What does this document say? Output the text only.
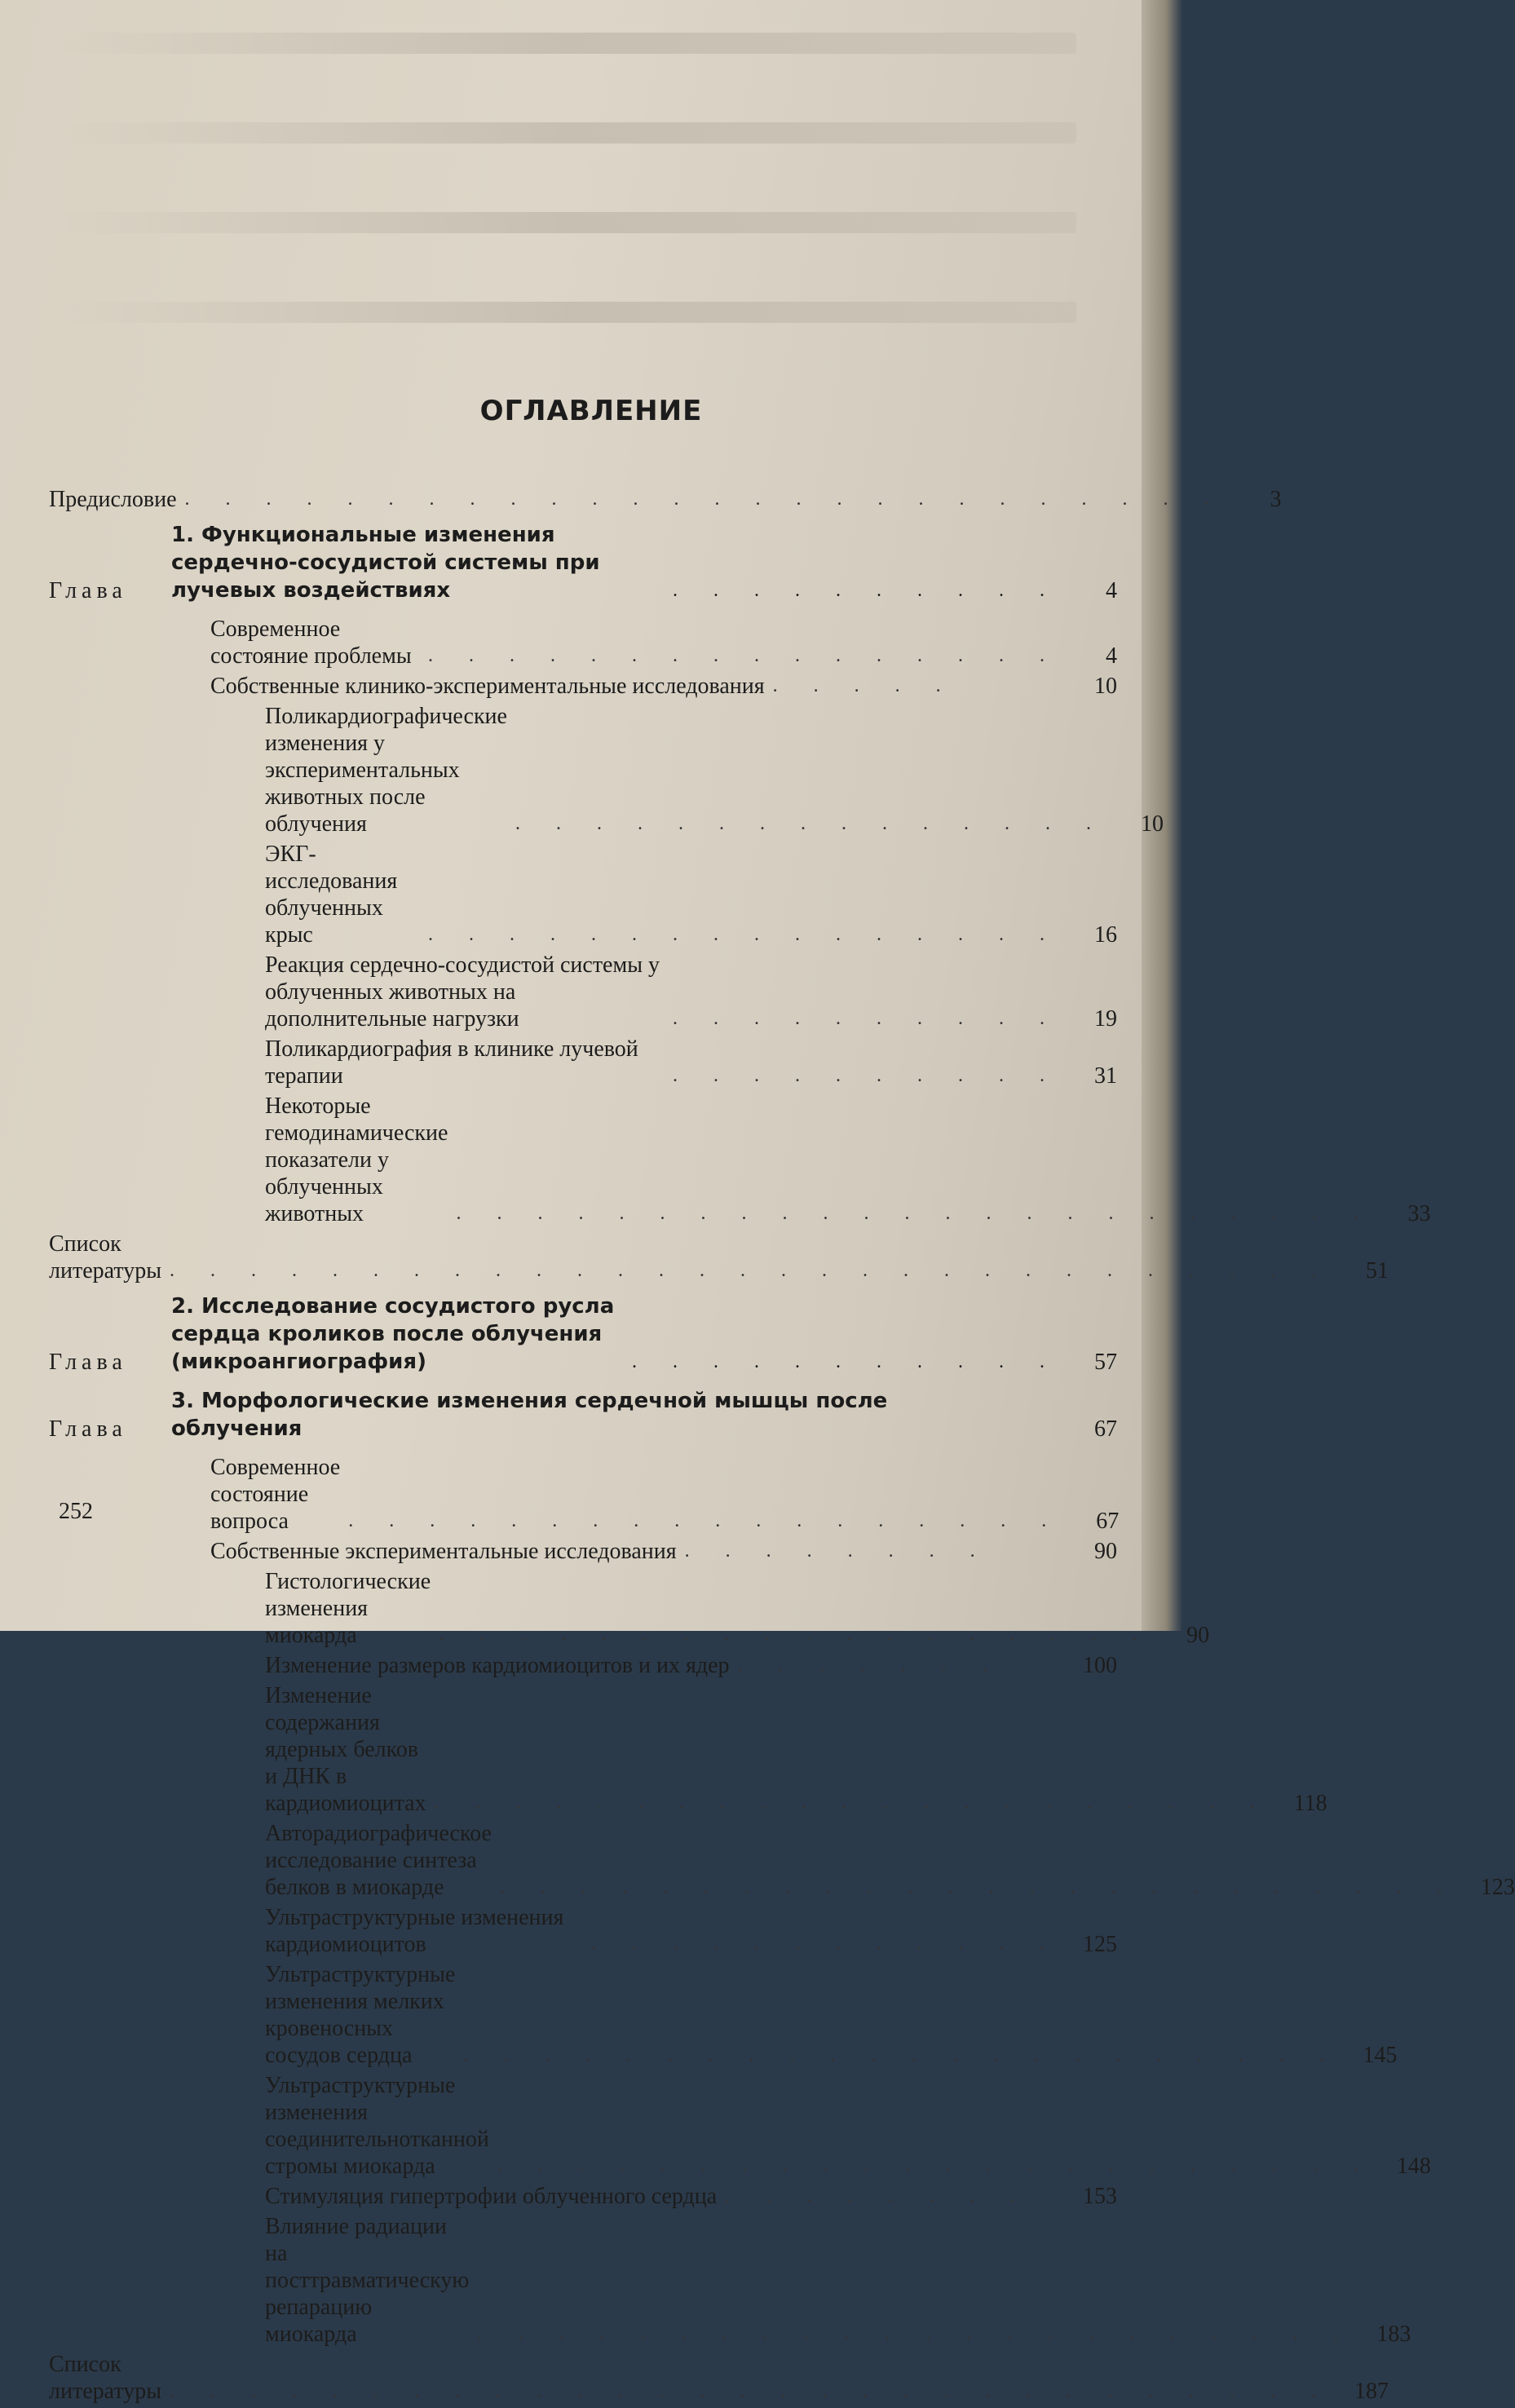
ОГЛАВЛЕНИЕ
Предисловие . . . . . . . . . . . . . . . . . . . . . . . . . .	3
Глава
1. Функциональные изменения сердечно-сосудистой системы при лучевых воздействиях	. . . . . . . . . .	4
Современное состояние проблемы . . . . . . . . . . . . . . . .	4
Собственные клинико-экспериментальные исследования . . . . .	10
Поликардиографические изменения у экспериментальных животных после облучения	. . . . . . . . . . . . . . .	10
ЭКГ-исследования облученных крыс	. . . . . . . . . . . . . . . .	16
Реакция сердечно-сосудистой системы у облученных животных на дополнительные нагрузки	. . . . . . . . . .	19
Поликардиография в клинике лучевой терапии	. . . . . . . . . .	31
Некоторые гемодинамические показатели у облученных животных	. . . . . . . . . . . . . . . . . . . . . . .	33
Список литературы . . . . . . . . . . . . . . . . . . . . . . . . . . . . .	51
Глава
2. Исследование сосудистого русла сердца кроликов после облучения (микроангиография)	. . . . . . . . . . .	57
Глава
3. Морфологические изменения сердечной мышцы после облучения	67
Современное состояние вопроса	. . . . . . . . . . . . . . . . . .	67
Собственные экспериментальные исследования . . . . . . . .	90
Гистологические изменения миокарда	. . . . . . . . . . . . . . . . . .	90
Изменение размеров кардиомиоцитов и их ядер . . . . . . .	100
Изменение содержания ядерных белков и ДНК в кардиомиоцитах . . . . . . . . . . . . . . . . . . . . .	118
Авторадиографическое исследование синтеза белков в миокарде	. . . . . . . . . . . . . . . . . . . . . . . .	123
Ультраструктурные изменения кардиомиоцитов	. . . . . . . . . . . .	125
Ультраструктурные изменения мелких кровеносных сосудов сердца	. . . . . . . . . . . . . . . . . . . . . .	145
Ультраструктурные изменения соединительнотканной стромы миокарда	. . . . . . . . . . . . . . . . . . . . . .	148
Стимуляция гипертрофии облученного сердца . . . . . . . .	153
Влияние радиации на посттравматическую репарацию миокарда	. . . . . . . . . . . . . . . . . . . . . .	183
Список литературы . . . . . . . . . . . . . . . . . . . . . . . . . . . . .	187
252
